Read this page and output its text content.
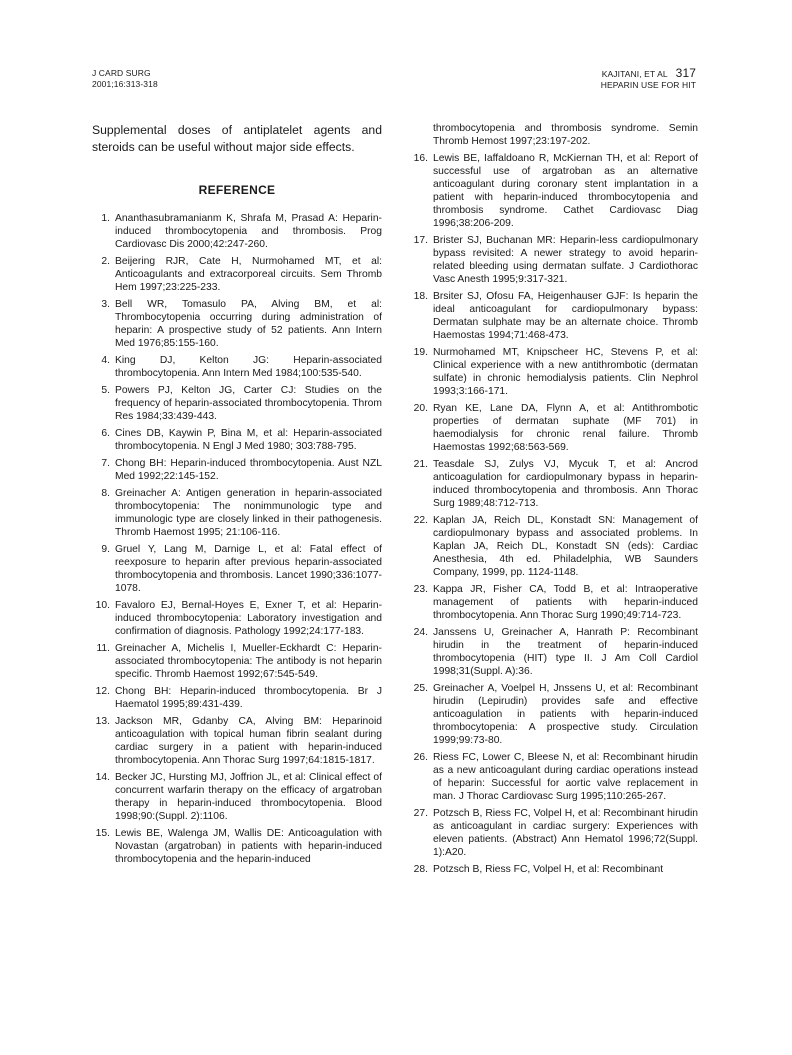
J CARD SURG
2001;16:313-318
KAJITANI, ET AL 317
HEPARIN USE FOR HIT

Supplemental doses of antiplatelet agents and steroids can be useful without major side effects.

REFERENCE
1. Ananthasubramanianm K, Shrafa M, Prasad A: Heparin-induced thrombocytopenia and thrombosis. Prog Cardiovasc Dis 2000;42:247-260.
2. Beijering RJR, Cate H, Nurmohamed MT, et al: Anticoagulants and extracorporeal circuits. Sem Thromb Hem 1997;23:225-233.
3. Bell WR, Tomasulo PA, Alving BM, et al: Thrombocytopenia occurring during administration of heparin: A prospective study of 52 patients. Ann Intern Med 1976;85:155-160.
4. King DJ, Kelton JG: Heparin-associated thrombocytopenia. Ann Intern Med 1984;100:535-540.
5. Powers PJ, Kelton JG, Carter CJ: Studies on the frequency of heparin-associated thrombocytopenia. Throm Res 1984;33:439-443.
6. Cines DB, Kaywin P, Bina M, et al: Heparin-associated thrombocytopenia. N Engl J Med 1980; 303:788-795.
7. Chong BH: Heparin-induced thrombocytopenia. Aust NZL Med 1992;22:145-152.
8. Greinacher A: Antigen generation in heparin-associated thrombocytopenia: The nonimmunologic type and immunologic type are closely linked in their pathogenesis. Thromb Haemost 1995; 21:106-116.
9. Gruel Y, Lang M, Darnige L, et al: Fatal effect of reexposure to heparin after previous heparin-associated thrombocytopenia and thrombosis. Lancet 1990;336:1077-1078.
10. Favaloro EJ, Bernal-Hoyes E, Exner T, et al: Heparin-induced thrombocytopenia: Laboratory investigation and confirmation of diagnosis. Pathology 1992;24:177-183.
11. Greinacher A, Michelis I, Mueller-Eckhardt C: Heparin-associated thrombocytopenia: The antibody is not heparin specific. Thromb Haemost 1992;67:545-549.
12. Chong BH: Heparin-induced thrombocytopenia. Br J Haematol 1995;89:431-439.
13. Jackson MR, Gdanby CA, Alving BM: Heparinoid anticoagulation with topical human fibrin sealant during cardiac surgery in a patient with heparin-induced thrombocytopenia. Ann Thorac Surg 1997;64:1815-1817.
14. Becker JC, Hursting MJ, Joffrion JL, et al: Clinical effect of concurrent warfarin therapy on the efficacy of argatroban therapy in heparin-induced thrombocytopenia. Blood 1998;90:(Suppl. 2):1106.
15. Lewis BE, Walenga JM, Wallis DE: Anticoagulation with Novastan (argatroban) in patients with heparin-induced thrombocytopenia and the heparin-induced

thrombocytopenia and thrombosis syndrome. Semin Thromb Hemost 1997;23:197-202.

16. Lewis BE, Iaffaldoano R, McKiernan TH, et al: Report of successful use of argatroban as an alternative anticoagulant during coronary stent implantation in a patient with heparin-induced thrombocytopenia and thrombosis syndrome. Cathet Cardiovasc Diag 1996;38:206-209.
17. Brister SJ, Buchanan MR: Heparin-less cardiopulmonary bypass revisited: A newer strategy to avoid heparin-related bleeding using dermatan sulfate. J Cardiothorac Vasc Anesth 1995;9:317-321.
18. Brsiter SJ, Ofosu FA, Heigenhauser GJF: Is heparin the ideal anticoagulant for cardiopulmonary bypass: Dermatan sulphate may be an alternate choice. Thromb Haemostas 1994;71:468-473.
19. Nurmohamed MT, Knipscheer HC, Stevens P, et al: Clinical experience with a new antithrombotic (dermatan sulfate) in chronic hemodialysis patients. Clin Nephrol 1993;3:166-171.
20. Ryan KE, Lane DA, Flynn A, et al: Antithrombotic properties of dermatan suphate (MF 701) in haemodialysis for chronic renal failure. Thromb Haemostas 1992;68:563-569.
21. Teasdale SJ, Zulys VJ, Mycuk T, et al: Ancrod anticoagulation for cardiopulmonary bypass in heparin-induced thrombocytopenia and thrombosis. Ann Thorac Surg 1989;48:712-713.
22. Kaplan JA, Reich DL, Konstadt SN: Management of cardiopulmonary bypass and associated problems. In Kaplan JA, Reich DL, Konstadt SN (eds): Cardiac Anesthesia, 4th ed. Philadelphia, WB Saunders Company, 1999, pp. 1124-1148.
23. Kappa JR, Fisher CA, Todd B, et al: Intraoperative management of patients with heparin-induced thrombocytopenia. Ann Thorac Surg 1990;49:714-723.
24. Janssens U, Greinacher A, Hanrath P: Recombinant hirudin in the treatment of heparin-induced thrombocytopenia (HIT) type II. J Am Coll Cardiol 1998;31(Suppl. A):36.
25. Greinacher A, Voelpel H, Jnssens U, et al: Recombinant hirudin (Lepirudin) provides safe and effective anticoagulation in patients with heparin-induced thrombocytopenia: A prospective study. Circulation 1999;99:73-80.
26. Riess FC, Lower C, Bleese N, et al: Recombinant hirudin as a new anticoagulant during cardiac operations instead of heparin: Successful for aortic valve replacement in man. J Thorac Cardiovasc Surg 1995;110:265-267.
27. Potzsch B, Riess FC, Volpel H, et al: Recombinant hirudin as anticoagulant in cardiac surgery: Experiences with eleven patients. (Abstract) Ann Hematol 1996;72(Suppl. 1):A20.
28. Potzsch B, Riess FC, Volpel H, et al: Recombinant
